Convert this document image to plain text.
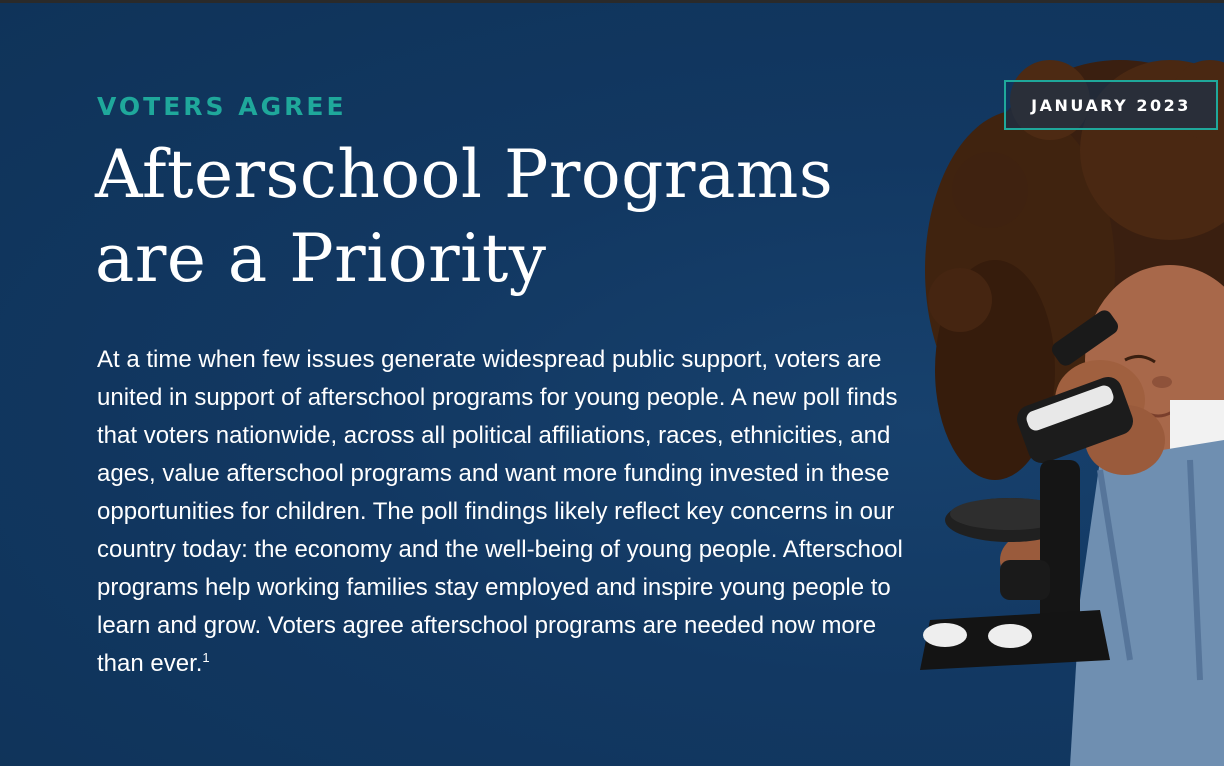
VOTERS AGREE
Afterschool Programs are a Priority
JANUARY 2023

At a time when few issues generate widespread public support, voters are united in support of afterschool programs for young people. A new poll finds that voters nationwide, across all political affiliations, races, ethnicities, and ages, value afterschool programs and want more funding invested in these opportunities for children. The poll findings likely reflect key concerns in our country today: the economy and the well-being of young people. Afterschool programs help working families stay employed and inspire young people to learn and grow. Voters agree afterschool programs are needed now more than ever.$^1$
